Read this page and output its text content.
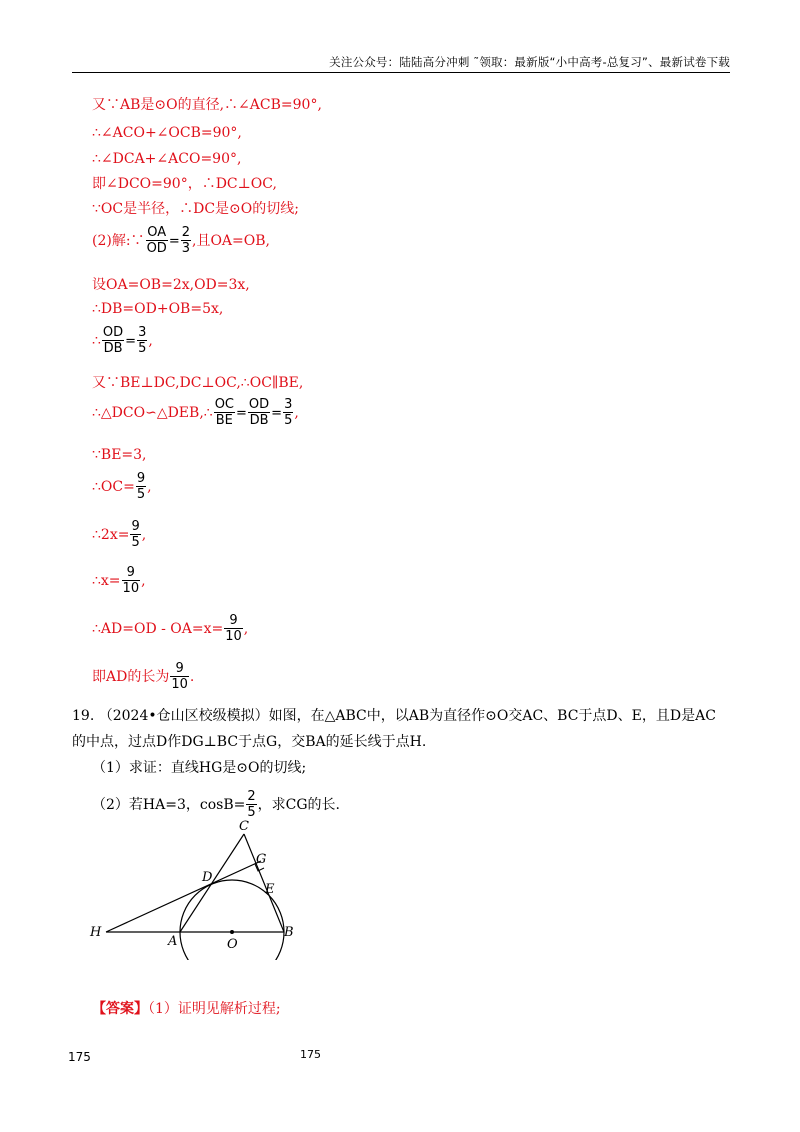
关注公众号：陆陆高分冲刺 ˜领取：最新版“小中高考-总复习”、最新试卷下载
又∵AB是⊙O的直径,∴∠ACB=90°,
∴∠ACO+∠OCB=90°,
∴∠DCA+∠ACO=90°,
即∠DCO=90°，∴DC⊥OC,
∵OC是半径，∴DC是⊙O的切线;
(2)解:∵ $\frac{OA}{OD} = \frac{2}{3}$ ,且OA=OB,
设OA=OB=2x,OD=3x,
∴DB=OD+OB=5x,
∴ $\frac{OD}{DB} = \frac{3}{5}$ ,
又∵BE⊥DC,DC⊥OC,∴OC∥BE,
∴△DCO∽△DEB,∴ $\frac{OC}{BE} = \frac{OD}{DB} = \frac{3}{5}$ ,
∵BE=3,
∴OC= $\frac{9}{5}$ ,
∴2x= $\frac{9}{5}$ ,
∴x= $\frac{9}{10}$ ,
∴AD=OD - $OA=x= \frac{9}{10}$ ,
即AD的长为 $\frac{9}{10}$ .
19. （2024•仓山区校级模拟）如图，在△ABC中，以AB为直径作⊙O交AC、BC于点D、E，且D是AC
的中点，过点D作DG⊥BC于点G，交BA的延长线于点H.
（1）求证：直线HG是⊙O的切线;
（2）若HA=3，$\cos B= \frac{2}{5}$ ，求CG的长.
C
G
D
E
H
A	O
B
【答案】（1）证明见解析过程;
175	175
